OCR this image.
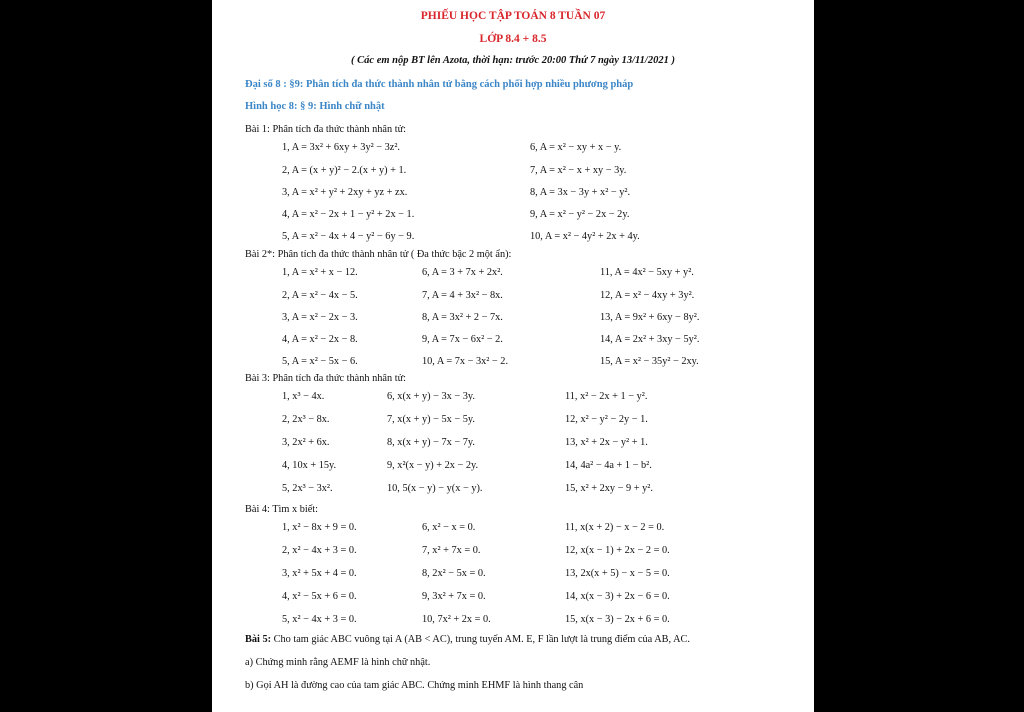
PHIẾU HỌC TẬP TOÁN 8 TUẦN 07
LỚP 8.4 + 8.5
( Các em nộp BT lên Azota, thời hạn: trước 20:00 Thứ 7 ngày 13/11/2021 )
Đại số 8 : §9: Phân tích đa thức thành nhân tử bằng cách phối hợp nhiều phương pháp
Hình học 8: § 9: Hình chữ nhật
Bài 1: Phân tích đa thức thành nhân tử:
1, A = 3x² + 6xy + 3y² − 3z².
2, A = (x + y)² − 2.(x + y) + 1.
3, A = x² + y² + 2xy + yz + zx.
4, A = x² − 2x + 1 − y² + 2x − 1.
5, A = x² − 4x + 4 − y² − 6y − 9.
6, A = x² − xy + x − y.
7, A = x² − x + xy − 3y.
8, A = 3x − 3y + x² − y².
9, A = x² − y² − 2x − 2y.
10, A = x² − 4y² + 2x + 4y.
Bài 2*: Phân tích đa thức thành nhân tử ( Đa thức bậc 2 một ẩn):
1, A = x² + x − 12.
2, A = x² − 4x − 5.
3, A = x² − 2x − 3.
4, A = x² − 2x − 8.
5, A = x² − 5x − 6.
6, A = 3 + 7x + 2x².
7, A = 4 + 3x² − 8x.
8, A = 3x² + 2 − 7x.
9, A = 7x − 6x² − 2.
10, A = 7x − 3x² − 2.
11, A = 4x² − 5xy + y².
12, A = x² − 4xy + 3y².
13, A = 9x² + 6xy − 8y².
14, A = 2x² + 3xy − 5y².
15, A = x² − 35y² − 2xy.
Bài 3: Phân tích đa thức thành nhân tử:
1, x³ − 4x.
2, 2x³ − 8x.
3, 2x² + 6x.
4, 10x + 15y.
5, 2x³ − 3x².
6, x(x + y) − 3x − 3y.
7, x(x + y) − 5x − 5y.
8, x(x + y) − 7x − 7y.
9, x²(x − y) + 2x − 2y.
10, 5(x − y) − y(x − y).
11, x² − 2x + 1 − y².
12, x² − y² − 2y − 1.
13, x² + 2x − y² + 1.
14, 4a² − 4a + 1 − b².
15, x² + 2xy − 9 + y².
Bài 4: Tìm x biết:
1, x² − 8x + 9 = 0.
2, x² − 4x + 3 = 0.
3, x² + 5x + 4 = 0.
4, x² − 5x + 6 = 0.
5, x² − 4x + 3 = 0.
6, x² − x = 0.
7, x² + 7x = 0.
8, 2x² − 5x = 0.
9, 3x² + 7x = 0.
10, 7x² + 2x = 0.
11, x(x + 2) − x − 2 = 0.
12, x(x − 1) + 2x − 2 = 0.
13, 2x(x + 5) − x − 5 = 0.
14, x(x − 3) + 2x − 6 = 0.
15, x(x − 3) − 2x + 6 = 0.
Bài 5: Cho tam giác ABC vuông tại A (AB < AC), trung tuyến AM. E, F lần lượt là trung điểm của AB, AC.
a) Chứng minh rằng AEMF là hình chữ nhật.
b) Gọi AH là đường cao của tam giác ABC. Chứng minh EHMF là hình thang cân
